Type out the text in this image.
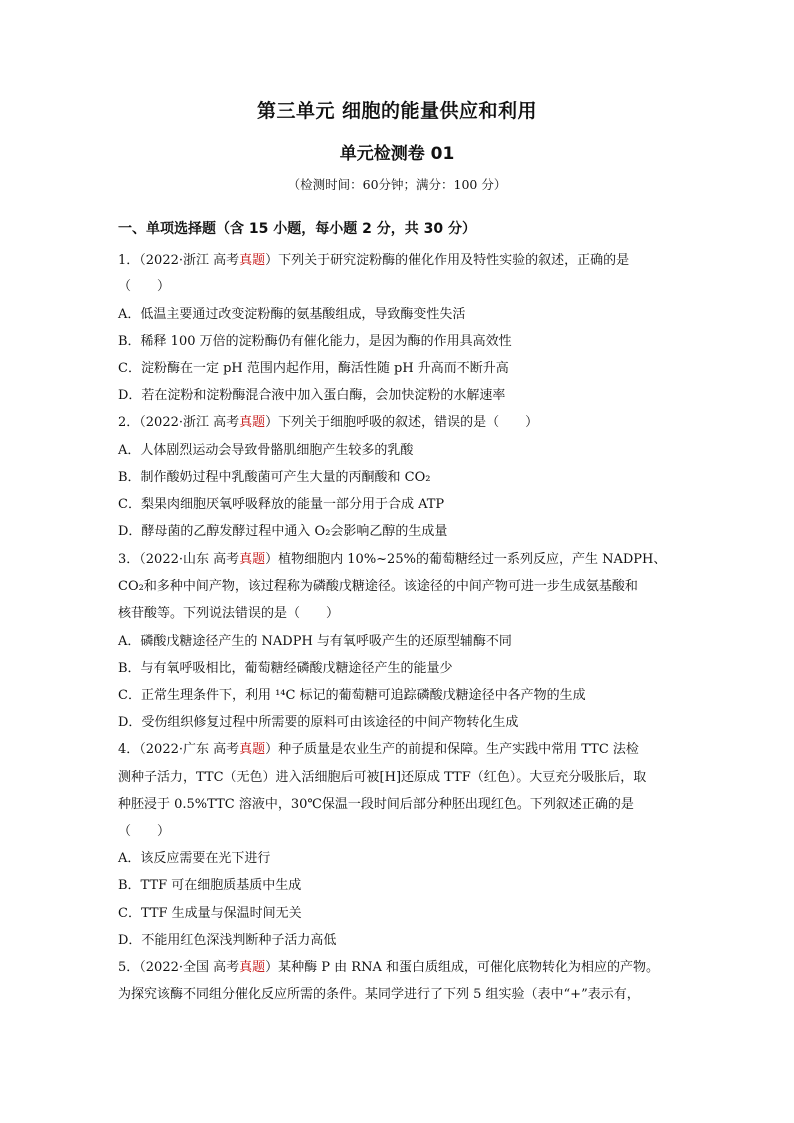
第三单元 细胞的能量供应和利用
单元检测卷 01
（检测时间：60分钟；满分：100 分）
一、单项选择题（含 15 小题，每小题 2 分，共 30 分）
1．（2022·浙江 高考真题）下列关于研究淀粉酶的催化作用及特性实验的叙述，正确的是
（　　）
A．低温主要通过改变淀粉酶的氨基酸组成，导致酶变性失活
B．稀释 100 万倍的淀粉酶仍有催化能力，是因为酶的作用具高效性
C．淀粉酶在一定 pH 范围内起作用，酶活性随 pH 升高而不断升高
D．若在淀粉和淀粉酶混合液中加入蛋白酶，会加快淀粉的水解速率
2．（2022·浙江 高考真题）下列关于细胞呼吸的叙述，错误的是（　　）
A．人体剧烈运动会导致骨骼肌细胞产生较多的乳酸
B．制作酸奶过程中乳酸菌可产生大量的丙酮酸和 CO₂
C．梨果肉细胞厌氧呼吸释放的能量一部分用于合成 ATP
D．酵母菌的乙醇发酵过程中通入 O₂会影响乙醇的生成量
3．（2022·山东 高考真题）植物细胞内 10%~25%的葡萄糖经过一系列反应，产生 NADPH、
CO₂和多种中间产物，该过程称为磷酸戊糖途径。该途径的中间产物可进一步生成氨基酸和
核苷酸等。下列说法错误的是（　　）
A．磷酸戊糖途径产生的 NADPH 与有氧呼吸产生的还原型辅酶不同
B．与有氧呼吸相比，葡萄糖经磷酸戊糖途径产生的能量少
C．正常生理条件下，利用 ¹⁴C 标记的葡萄糖可追踪磷酸戊糖途径中各产物的生成
D．受伤组织修复过程中所需要的原料可由该途径的中间产物转化生成
4．（2022·广东 高考真题）种子质量是农业生产的前提和保障。生产实践中常用 TTC 法检
测种子活力，TTC（无色）进入活细胞后可被[H]还原成 TTF（红色）。大豆充分吸胀后，取
种胚浸于 0.5%TTC 溶液中，30℃保温一段时间后部分种胚出现红色。下列叙述正确的是
（　　）
A．该反应需要在光下进行
B．TTF 可在细胞质基质中生成
C．TTF 生成量与保温时间无关
D．不能用红色深浅判断种子活力高低
5．（2022·全国 高考真题）某种酶 P 由 RNA 和蛋白质组成，可催化底物转化为相应的产物。
为探究该酶不同组分催化反应所需的条件。某同学进行了下列 5 组实验（表中“+”表示有，
